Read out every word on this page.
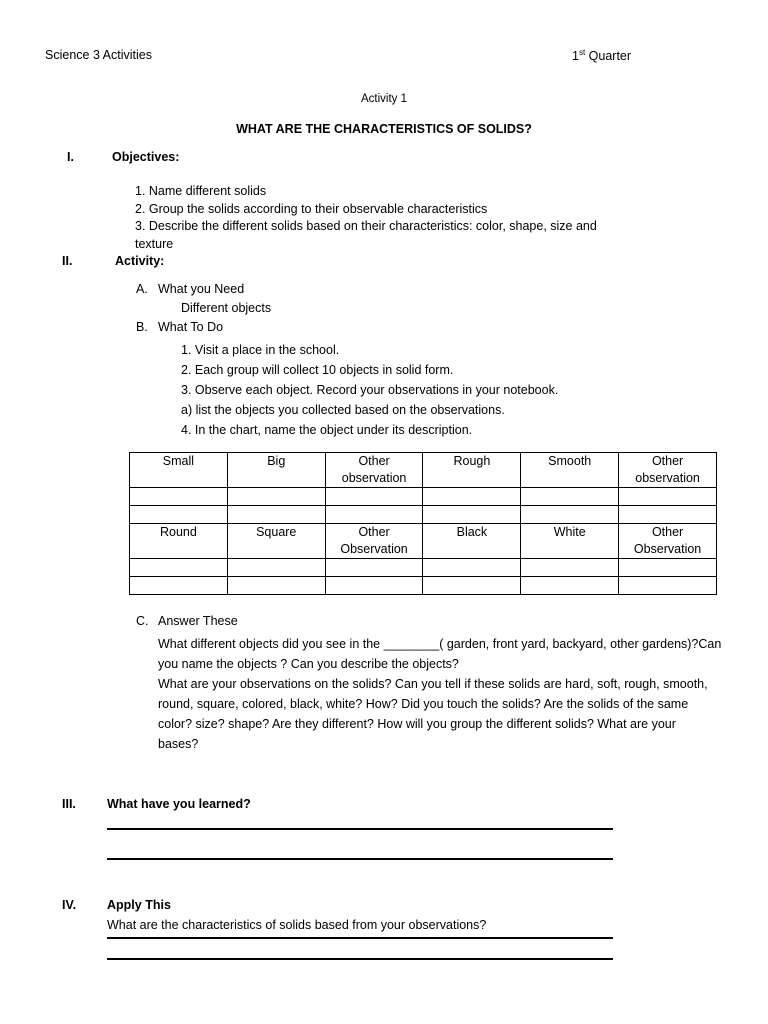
Science 3 Activities	1st Quarter
Activity 1
WHAT ARE THE CHARACTERISTICS OF SOLIDS?
I.	Objectives:
1. Name different solids
2. Group the solids according to their observable characteristics
3. Describe the different solids based on their characteristics: color, shape, size and
texture
II.	Activity:
A. What you Need
Different objects
B. What To Do
1. Visit a place in the school.
2. Each group will collect 10 objects in solid form.
3. Observe each object. Record your observations in your notebook.
a) list the objects you collected based on the observations.
4. In the chart, name the object under its description.
Small	Big	Other observation	Rough	Smooth	Other observation

Round	Square	Other Observation	Black	White	Other Observation

C. Answer These
What different objects did you see in the ________( garden, front yard, backyard, other gardens)?Can
you name the objects ? Can you describe the objects?
What are your observations on the solids? Can you tell if these solids are hard, soft, rough, smooth,
round, square, colored, black, white? How? Did you touch the solids? Are the solids of the same
color? size? shape? Are they different? How will you group the different solids? What are your
bases?
III. What have you learned?
IV. Apply This
What are the characteristics of solids based from your observations?
